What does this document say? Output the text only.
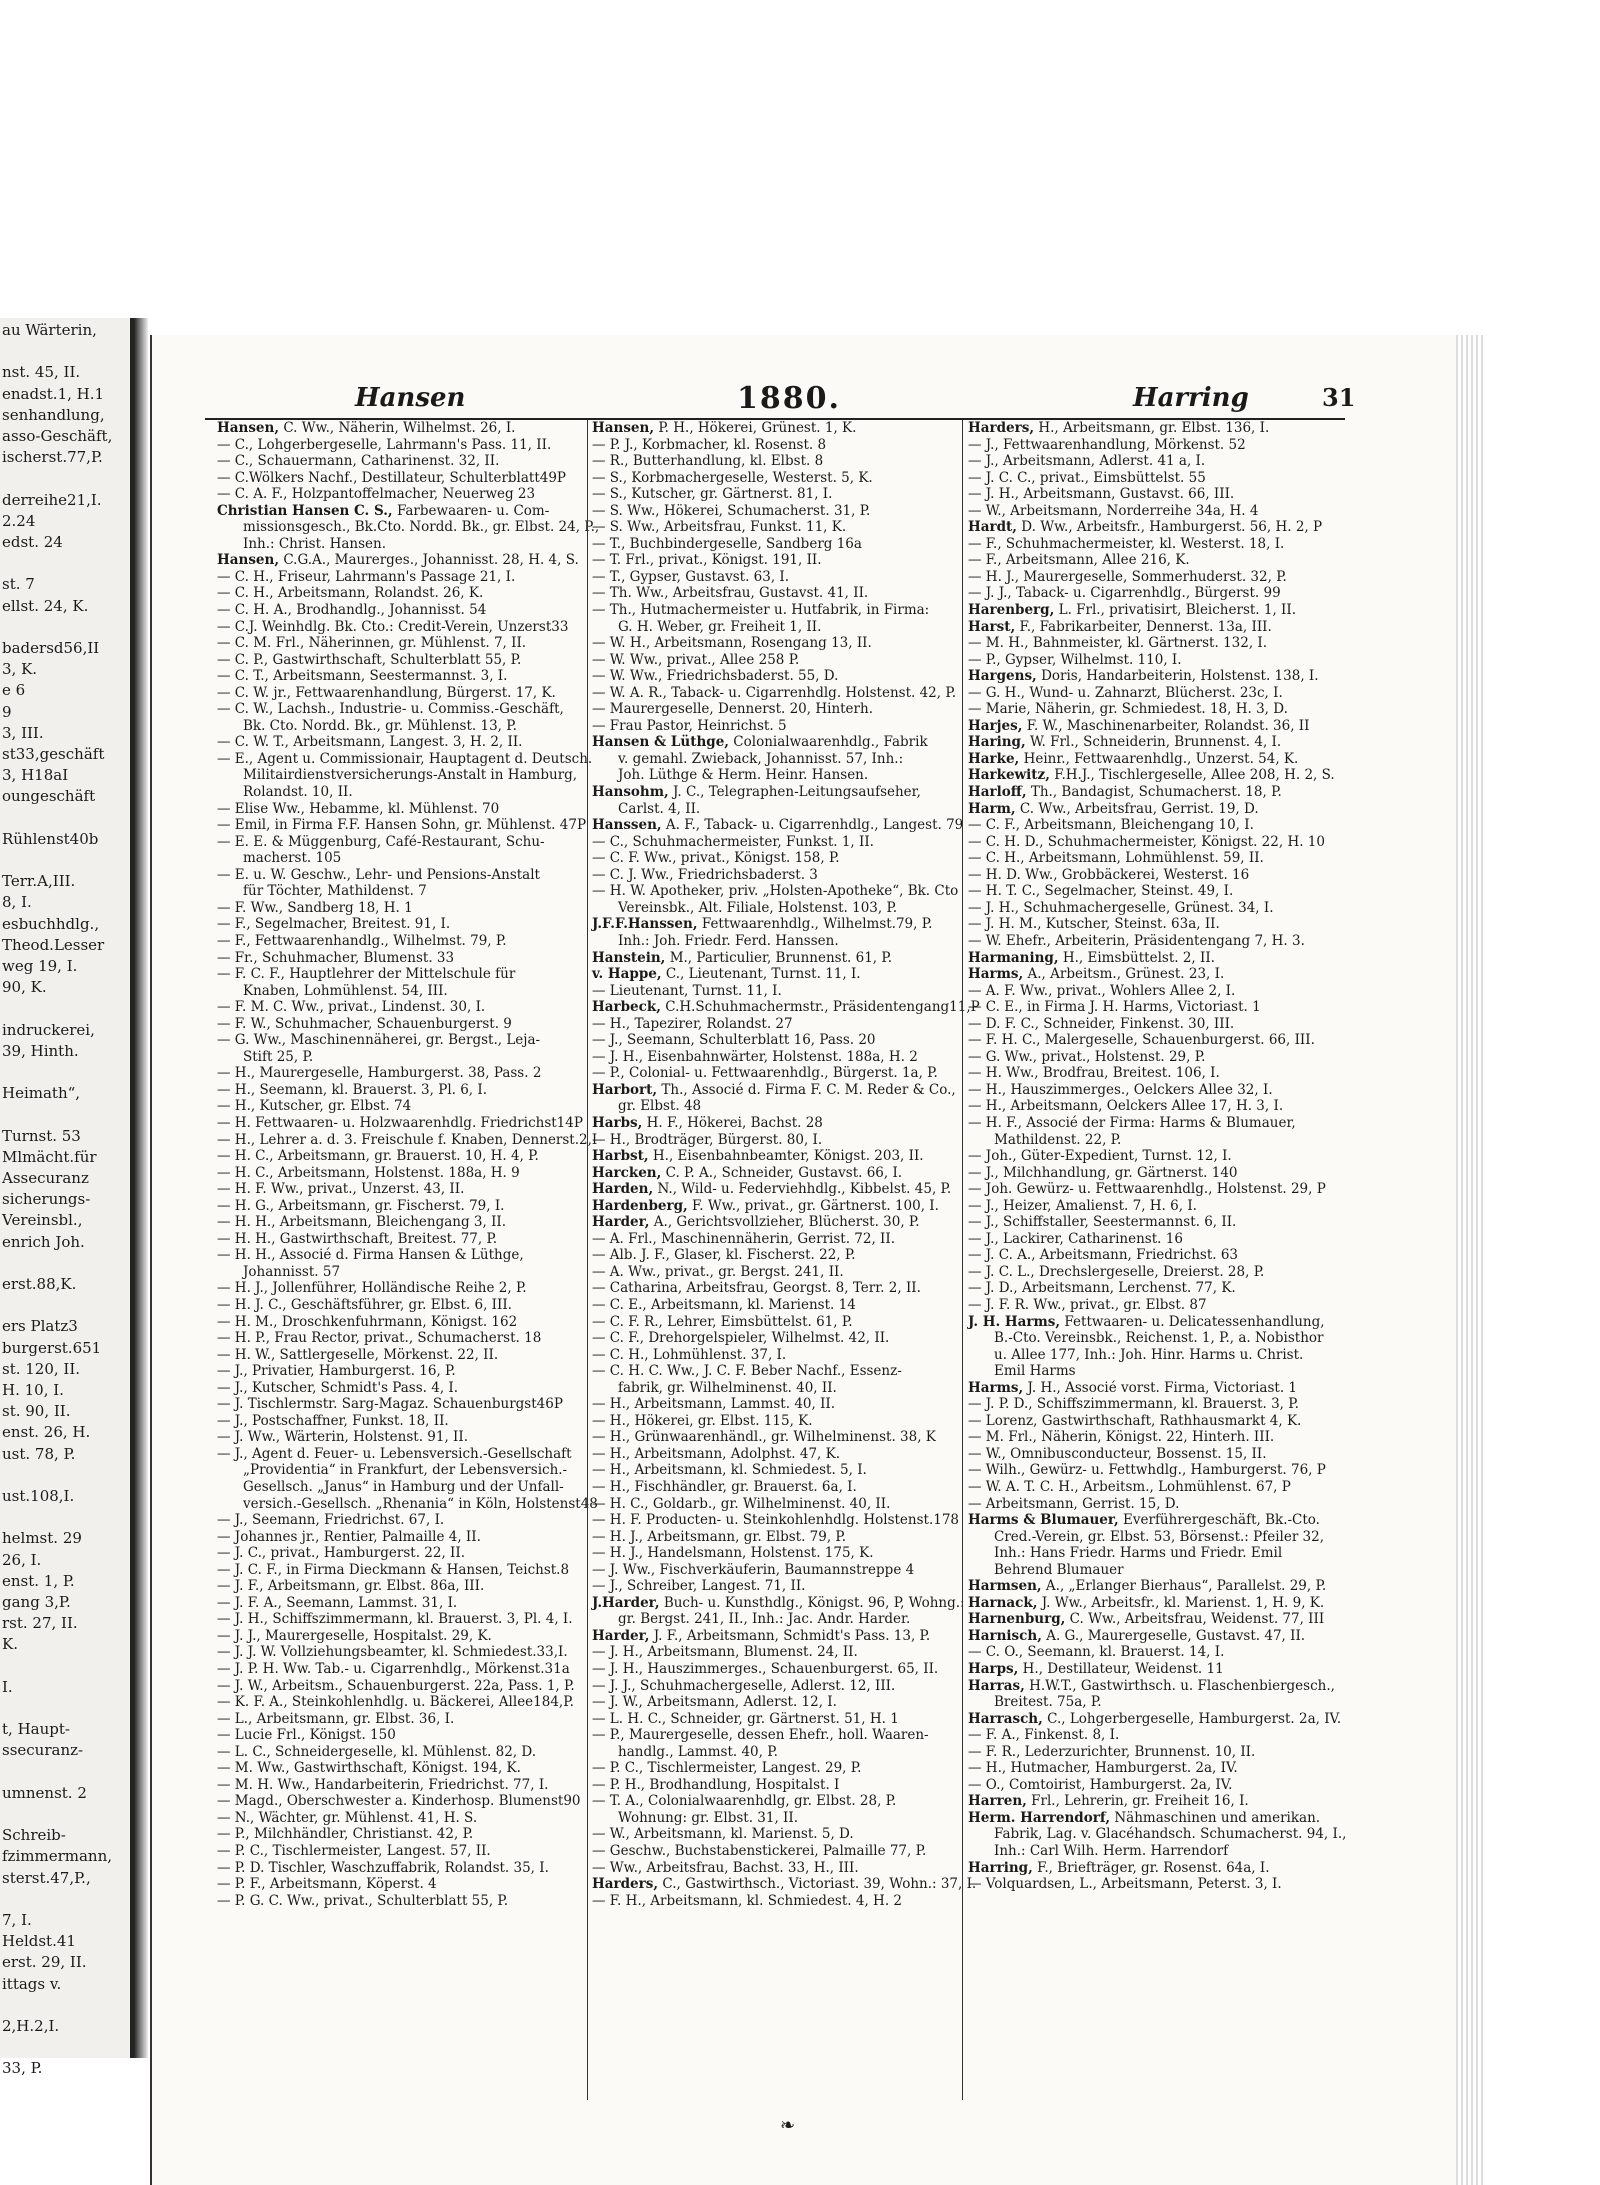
au Wärterin,
nst. 45, II.
enadst.1, H.1
senhandlung,
asso-Geschäft,
ischerst.77,P.
derreihe21,I.
2.24
edst. 24
st. 7
ellst. 24, K.
badersd56,II
3, K.
e 6
9
3, III.
st33,geschäft
3, H18aI
oungeschäft
Rühlenst40b
Terr.A,III.
8, I.
esbuchhdlg.,
Theod.Lesser
weg 19, I.
90, K.
indruckerei,
39, Hinth.
Heimath“,
Turnst. 53
Mlmächt.für
Assecuranz
sicherungs-
Vereinsbl.,
enrich Joh.
erst.88,K.
ers Platz3
burgerst.651
st. 120, II.
H. 10, I.
st. 90, II.
enst. 26, H.
ust. 78, P.
ust.108,I.
helmst. 29
26, I.
enst. 1, P.
gang 3,P.
rst. 27, II.
K.
I.
t, Haupt-
ssecuranz-
umnenst. 2
Schreib-
fzimmermann,
sterst.47,P.,
7, I.
Heldst.41
erst. 29, II.
ittags v.
2,H.2,I.
33, P.
Hansen	1880.	Harring	31
Hansen, C. Ww., Näherin, Wilhelmst. 26, I.
— C., Lohgerbergeselle, Lahrmann's Pass. 11, II.
— C., Schauermann, Catharinenst. 32, II.
— C.Wölkers Nachf., Destillateur, Schulterblatt49P
— C. A. F., Holzpantoffelmacher, Neuerweg 23
Christian Hansen C. S., Farbewaaren- u. Com-
missionsgesch., Bk.Cto. Nordd. Bk., gr. Elbst. 24, P.,
Inh.: Christ. Hansen.
Hansen, C.G.A., Maurerges., Johannisst. 28, H. 4, S.
— C. H., Friseur, Lahrmann's Passage 21, I.
— C. H., Arbeitsmann, Rolandst. 26, K.
— C. H. A., Brodhandlg., Johannisst. 54
— C.J. Weinhdlg. Bk. Cto.: Credit-Verein, Unzerst33
— C. M. Frl., Näherinnen, gr. Mühlenst. 7, II.
— C. P., Gastwirthschaft, Schulterblatt 55, P.
— C. T., Arbeitsmann, Seestermannst. 3, I.
— C. W. jr., Fettwaarenhandlung, Bürgerst. 17, K.
— C. W., Lachsh., Industrie- u. Commiss.-Geschäft,
Bk. Cto. Nordd. Bk., gr. Mühlenst. 13, P.
— C. W. T., Arbeitsmann, Langest. 3, H. 2, II.
— E., Agent u. Commissionair, Hauptagent d. Deutsch.
Militairdienstversicherungs-Anstalt in Hamburg,
Rolandst. 10, II.
— Elise Ww., Hebamme, kl. Mühlenst. 70
— Emil, in Firma F.F. Hansen Sohn, gr. Mühlenst. 47P
— E. E. & Müggenburg, Café-Restaurant, Schu-
macherst. 105
— E. u. W. Geschw., Lehr- und Pensions-Anstalt
für Töchter, Mathildenst. 7
— F. Ww., Sandberg 18, H. 1
— F., Segelmacher, Breitest. 91, I.
— F., Fettwaarenhandlg., Wilhelmst. 79, P.
— Fr., Schuhmacher, Blumenst. 33
— F. C. F., Hauptlehrer der Mittelschule für
Knaben, Lohmühlenst. 54, III.
— F. M. C. Ww., privat., Lindenst. 30, I.
— F. W., Schuhmacher, Schauenburgerst. 9
— G. Ww., Maschinennäherei, gr. Bergst., Leja-
Stift 25, P.
— H., Maurergeselle, Hamburgerst. 38, Pass. 2
— H., Seemann, kl. Brauerst. 3, Pl. 6, I.
— H., Kutscher, gr. Elbst. 74
— H. Fettwaaren- u. Holzwaarenhdlg. Friedrichst14P
— H., Lehrer a. d. 3. Freischule f. Knaben, Dennerst.2,I
— H. C., Arbeitsmann, gr. Brauerst. 10, H. 4, P.
— H. C., Arbeitsmann, Holstenst. 188a, H. 9
— H. F. Ww., privat., Unzerst. 43, II.
— H. G., Arbeitsmann, gr. Fischerst. 79, I.
— H. H., Arbeitsmann, Bleichengang 3, II.
— H. H., Gastwirthschaft, Breitest. 77, P.
— H. H., Associé d. Firma Hansen & Lüthge,
Johannisst. 57
— H. J., Jollenführer, Holländische Reihe 2, P.
— H. J. C., Geschäftsführer, gr. Elbst. 6, III.
— H. M., Droschkenfuhrmann, Königst. 162
— H. P., Frau Rector, privat., Schumacherst. 18
— H. W., Sattlergeselle, Mörkenst. 22, II.
— J., Privatier, Hamburgerst. 16, P.
— J., Kutscher, Schmidt's Pass. 4, I.
— J. Tischlermstr. Sarg-Magaz. Schauenburgst46P
— J., Postschaffner, Funkst. 18, II.
— J. Ww., Wärterin, Holstenst. 91, II.
— J., Agent d. Feuer- u. Lebensversich.-Gesellschaft
„Providentia“ in Frankfurt, der Lebensversich.-
Gesellsch. „Janus“ in Hamburg und der Unfall-
versich.-Gesellsch. „Rhenania“ in Köln, Holstenst48
— J., Seemann, Friedrichst. 67, I.
— Johannes jr., Rentier, Palmaille 4, II.
— J. C., privat., Hamburgerst. 22, II.
— J. C. F., in Firma Dieckmann & Hansen, Teichst.8
— J. F., Arbeitsmann, gr. Elbst. 86a, III.
— J. F. A., Seemann, Lammst. 31, I.
— J. H., Schiffszimmermann, kl. Brauerst. 3, Pl. 4, I.
— J. J., Maurergeselle, Hospitalst. 29, K.
— J. J. W. Vollziehungsbeamter, kl. Schmiedest.33,I.
— J. P. H. Ww. Tab.- u. Cigarrenhdlg., Mörkenst.31a
— J. W., Arbeitsm., Schauenburgerst. 22a, Pass. 1, P.
— K. F. A., Steinkohlenhdlg. u. Bäckerei, Allee184,P.
— L., Arbeitsmann, gr. Elbst. 36, I.
— Lucie Frl., Königst. 150
— L. C., Schneidergeselle, kl. Mühlenst. 82, D.
— M. Ww., Gastwirthschaft, Königst. 194, K.
— M. H. Ww., Handarbeiterin, Friedrichst. 77, I.
— Magd., Oberschwester a. Kinderhosp. Blumenst90
— N., Wächter, gr. Mühlenst. 41, H. S.
— P., Milchhändler, Christianst. 42, P.
— P. C., Tischlermeister, Langest. 57, II.
— P. D. Tischler, Waschzuffabrik, Rolandst. 35, I.
— P. F., Arbeitsmann, Köperst. 4
— P. G. C. Ww., privat., Schulterblatt 55, P.
Hansen, P. H., Hökerei, Grünest. 1, K.
— P. J., Korbmacher, kl. Rosenst. 8
— R., Butterhandlung, kl. Elbst. 8
— S., Korbmachergeselle, Westerst. 5, K.
— S., Kutscher, gr. Gärtnerst. 81, I.
— S. Ww., Hökerei, Schumacherst. 31, P.
— S. Ww., Arbeitsfrau, Funkst. 11, K.
— T., Buchbindergeselle, Sandberg 16a
— T. Frl., privat., Königst. 191, II.
— T., Gypser, Gustavst. 63, I.
— Th. Ww., Arbeitsfrau, Gustavst. 41, II.
— Th., Hutmachermeister u. Hutfabrik, in Firma:
G. H. Weber, gr. Freiheit 1, II.
— W. H., Arbeitsmann, Rosengang 13, II.
— W. Ww., privat., Allee 258 P.
— W. Ww., Friedrichsbaderst. 55, D.
— W. A. R., Taback- u. Cigarrenhdlg. Holstenst. 42, P.
— Maurergeselle, Dennerst. 20, Hinterh.
— Frau Pastor, Heinrichst. 5
Hansen & Lüthge, Colonialwaarenhdlg., Fabrik
v. gemahl. Zwieback, Johannisst. 57, Inh.:
Joh. Lüthge & Herm. Heinr. Hansen.
Hansohm, J. C., Telegraphen-Leitungsaufseher,
Carlst. 4, II.
Hanssen, A. F., Taback- u. Cigarrenhdlg., Langest. 79
— C., Schuhmachermeister, Funkst. 1, II.
— C. F. Ww., privat., Königst. 158, P.
— C. J. Ww., Friedrichsbaderst. 3
— H. W. Apotheker, priv. „Holsten-Apotheke“, Bk. Cto
Vereinsbk., Alt. Filiale, Holstenst. 103, P.
J.F.F.Hanssen, Fettwaarenhdlg., Wilhelmst.79, P.
Inh.: Joh. Friedr. Ferd. Hanssen.
Hanstein, M., Particulier, Brunnenst. 61, P.
v. Happe, C., Lieutenant, Turnst. 11, I.
— Lieutenant, Turnst. 11, I.
Harbeck, C.H.Schuhmachermstr., Präsidentengang11,P
— H., Tapezirer, Rolandst. 27
— J., Seemann, Schulterblatt 16, Pass. 20
— J. H., Eisenbahnwärter, Holstenst. 188a, H. 2
— P., Colonial- u. Fettwaarenhdlg., Bürgerst. 1a, P.
Harbort, Th., Associé d. Firma F. C. M. Reder & Co.,
gr. Elbst. 48
Harbs, H. F., Hökerei, Bachst. 28
— H., Brodträger, Bürgerst. 80, I.
Harbst, H., Eisenbahnbeamter, Königst. 203, II.
Harcken, C. P. A., Schneider, Gustavst. 66, I.
Harden, N., Wild- u. Federviehhdlg., Kibbelst. 45, P.
Hardenberg, F. Ww., privat., gr. Gärtnerst. 100, I.
Harder, A., Gerichtsvollzieher, Blücherst. 30, P.
— A. Frl., Maschinennäherin, Gerrist. 72, II.
— Alb. J. F., Glaser, kl. Fischerst. 22, P.
— A. Ww., privat., gr. Bergst. 241, II.
— Catharina, Arbeitsfrau, Georgst. 8, Terr. 2, II.
— C. E., Arbeitsmann, kl. Marienst. 14
— C. F. R., Lehrer, Eimsbüttelst. 61, P.
— C. F., Drehorgelspieler, Wilhelmst. 42, II.
— C. H., Lohmühlenst. 37, I.
— C. H. C. Ww., J. C. F. Beber Nachf., Essenz-
fabrik, gr. Wilhelminenst. 40, II.
— H., Arbeitsmann, Lammst. 40, II.
— H., Hökerei, gr. Elbst. 115, K.
— H., Grünwaarenhändl., gr. Wilhelminenst. 38, K
— H., Arbeitsmann, Adolphst. 47, K.
— H., Arbeitsmann, kl. Schmiedest. 5, I.
— H., Fischhändler, gr. Brauerst. 6a, I.
— H. C., Goldarb., gr. Wilhelminenst. 40, II.
— H. F. Producten- u. Steinkohlenhdlg. Holstenst.178
— H. J., Arbeitsmann, gr. Elbst. 79, P.
— H. J., Handelsmann, Holstenst. 175, K.
— J. Ww., Fischverkäuferin, Baumannstreppe 4
— J., Schreiber, Langest. 71, II.
J.Harder, Buch- u. Kunsthdlg., Königst. 96, P, Wohng.:
gr. Bergst. 241, II., Inh.: Jac. Andr. Harder.
Harder, J. F., Arbeitsmann, Schmidt's Pass. 13, P.
— J. H., Arbeitsmann, Blumenst. 24, II.
— J. H., Hauszimmerges., Schauenburgerst. 65, II.
— J. J., Schuhmachergeselle, Adlerst. 12, III.
— J. W., Arbeitsmann, Adlerst. 12, I.
— L. H. C., Schneider, gr. Gärtnerst. 51, H. 1
— P., Maurergeselle, dessen Ehefr., holl. Waaren-
handlg., Lammst. 40, P.
— P. C., Tischlermeister, Langest. 29, P.
— P. H., Brodhandlung, Hospitalst. I
— T. A., Colonialwaarenhdlg, gr. Elbst. 28, P.
Wohnung: gr. Elbst. 31, II.
— W., Arbeitsmann, kl. Marienst. 5, D.
— Geschw., Buchstabenstickerei, Palmaille 77, P.
— Ww., Arbeitsfrau, Bachst. 33, H., III.
Harders, C., Gastwirthsch., Victoriast. 39, Wohn.: 37, I.
— F. H., Arbeitsmann, kl. Schmiedest. 4, H. 2
Harders, H., Arbeitsmann, gr. Elbst. 136, I.
— J., Fettwaarenhandlung, Mörkenst. 52
— J., Arbeitsmann, Adlerst. 41 a, I.
— J. C. C., privat., Eimsbüttelst. 55
— J. H., Arbeitsmann, Gustavst. 66, III.
— W., Arbeitsmann, Norderreihe 34a, H. 4
Hardt, D. Ww., Arbeitsfr., Hamburgerst. 56, H. 2, P
— F., Schuhmachermeister, kl. Westerst. 18, I.
— F., Arbeitsmann, Allee 216, K.
— H. J., Maurergeselle, Sommerhuderst. 32, P.
— J. J., Taback- u. Cigarrenhdlg., Bürgerst. 99
Harenberg, L. Frl., privatisirt, Bleicherst. 1, II.
Harst, F., Fabrikarbeiter, Dennerst. 13a, III.
— M. H., Bahnmeister, kl. Gärtnerst. 132, I.
— P., Gypser, Wilhelmst. 110, I.
Hargens, Doris, Handarbeiterin, Holstenst. 138, I.
— G. H., Wund- u. Zahnarzt, Blücherst. 23c, I.
— Marie, Näherin, gr. Schmiedest. 18, H. 3, D.
Harjes, F. W., Maschinenarbeiter, Rolandst. 36, II
Haring, W. Frl., Schneiderin, Brunnenst. 4, I.
Harke, Heinr., Fettwaarenhdlg., Unzerst. 54, K.
Harkewitz, F.H.J., Tischlergeselle, Allee 208, H. 2, S.
Harloff, Th., Bandagist, Schumacherst. 18, P.
Harm, C. Ww., Arbeitsfrau, Gerrist. 19, D.
— C. F., Arbeitsmann, Bleichengang 10, I.
— C. H. D., Schuhmachermeister, Königst. 22, H. 10
— C. H., Arbeitsmann, Lohmühlenst. 59, II.
— H. D. Ww., Grobbäckerei, Westerst. 16
— H. T. C., Segelmacher, Steinst. 49, I.
— J. H., Schuhmachergeselle, Grünest. 34, I.
— J. H. M., Kutscher, Steinst. 63a, II.
— W. Ehefr., Arbeiterin, Präsidentengang 7, H. 3.
Harmaning, H., Eimsbüttelst. 2, II.
Harms, A., Arbeitsm., Grünest. 23, I.
— A. F. Ww., privat., Wohlers Allee 2, I.
— C. E., in Firma J. H. Harms, Victoriast. 1
— D. F. C., Schneider, Finkenst. 30, III.
— F. H. C., Malergeselle, Schauenburgerst. 66, III.
— G. Ww., privat., Holstenst. 29, P.
— H. Ww., Brodfrau, Breitest. 106, I.
— H., Hauszimmerges., Oelckers Allee 32, I.
— H., Arbeitsmann, Oelckers Allee 17, H. 3, I.
— H. F., Associé der Firma: Harms & Blumauer,
Mathildenst. 22, P.
— Joh., Güter-Expedient, Turnst. 12, I.
— J., Milchhandlung, gr. Gärtnerst. 140
— Joh. Gewürz- u. Fettwaarenhdlg., Holstenst. 29, P
— J., Heizer, Amalienst. 7, H. 6, I.
— J., Schiffstaller, Seestermannst. 6, II.
— J., Lackirer, Catharinenst. 16
— J. C. A., Arbeitsmann, Friedrichst. 63
— J. C. L., Drechslergeselle, Dreierst. 28, P.
— J. D., Arbeitsmann, Lerchenst. 77, K.
— J. F. R. Ww., privat., gr. Elbst. 87
J. H. Harms, Fettwaaren- u. Delicatessenhandlung,
B.-Cto. Vereinsbk., Reichenst. 1, P., a. Nobisthor
u. Allee 177, Inh.: Joh. Hinr. Harms u. Christ.
Emil Harms
Harms, J. H., Associé vorst. Firma, Victoriast. 1
— J. P. D., Schiffszimmermann, kl. Brauerst. 3, P.
— Lorenz, Gastwirthschaft, Rathhausmarkt 4, K.
— M. Frl., Näherin, Königst. 22, Hinterh. III.
— W., Omnibusconducteur, Bossenst. 15, II.
— Wilh., Gewürz- u. Fettwhdlg., Hamburgerst. 76, P
— W. A. T. C. H., Arbeitsm., Lohmühlenst. 67, P
— Arbeitsmann, Gerrist. 15, D.
Harms & Blumauer, Everführergeschäft, Bk.-Cto.
Cred.-Verein, gr. Elbst. 53, Börsenst.: Pfeiler 32,
Inh.: Hans Friedr. Harms und Friedr. Emil
Behrend Blumauer
Harmsen, A., „Erlanger Bierhaus“, Parallelst. 29, P.
Harnack, J. Ww., Arbeitsfr., kl. Marienst. 1, H. 9, K.
Harnenburg, C. Ww., Arbeitsfrau, Weidenst. 77, III
Harnisch, A. G., Maurergeselle, Gustavst. 47, II.
— C. O., Seemann, kl. Brauerst. 14, I.
Harps, H., Destillateur, Weidenst. 11
Harras, H.W.T., Gastwirthsch. u. Flaschenbiergesch.,
Breitest. 75a, P.
Harrasch, C., Lohgerbergeselle, Hamburgerst. 2a, IV.
— F. A., Finkenst. 8, I.
— F. R., Lederzurichter, Brunnenst. 10, II.
— H., Hutmacher, Hamburgerst. 2a, IV.
— O., Comtoirist, Hamburgerst. 2a, IV.
Harren, Frl., Lehrerin, gr. Freiheit 16, I.
Herm. Harrendorf, Nähmaschinen und amerikan.
Fabrik, Lag. v. Glacéhandsch. Schumacherst. 94, I.,
Inh.: Carl Wilh. Herm. Harrendorf
Harring, F., Briefträger, gr. Rosenst. 64a, I.
— Volquardsen, L., Arbeitsmann, Peterst. 3, I.
❧
